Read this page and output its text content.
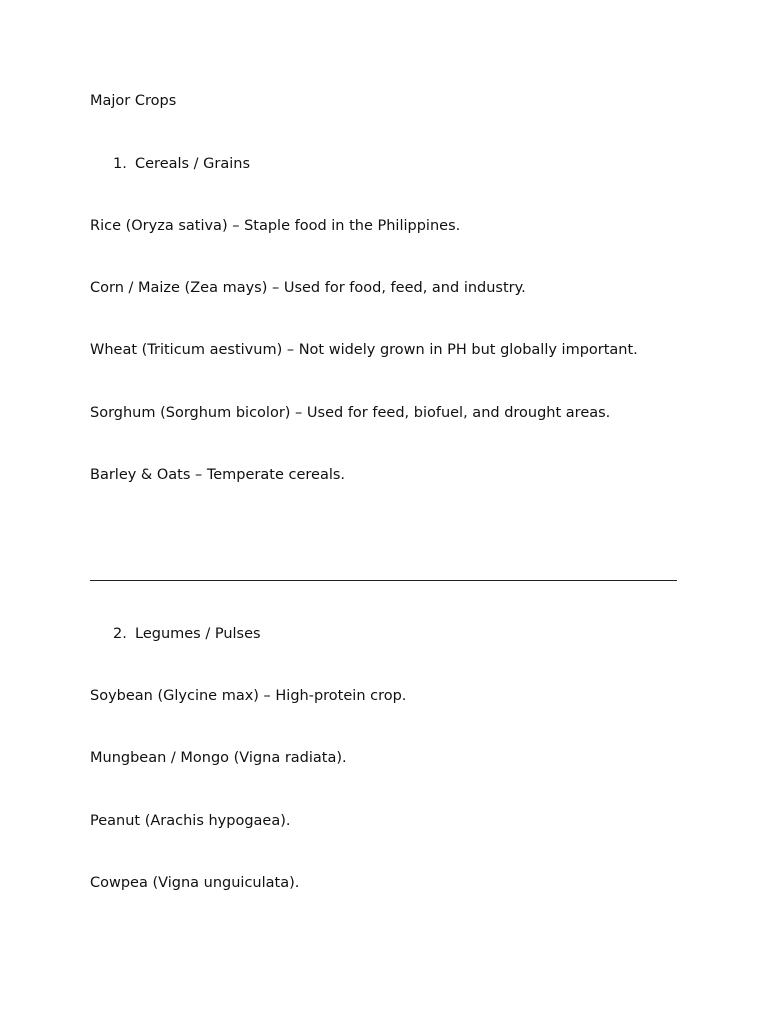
Major Crops
1. Cereals / Grains
Rice (Oryza sativa) – Staple food in the Philippines.
Corn / Maize (Zea mays) – Used for food, feed, and industry.
Wheat (Triticum aestivum) – Not widely grown in PH but globally important.
Sorghum (Sorghum bicolor) – Used for feed, biofuel, and drought areas.
Barley & Oats – Temperate cereals.
2. Legumes / Pulses
Soybean (Glycine max) – High-protein crop.
Mungbean / Mongo (Vigna radiata).
Peanut (Arachis hypogaea).
Cowpea (Vigna unguiculata).
